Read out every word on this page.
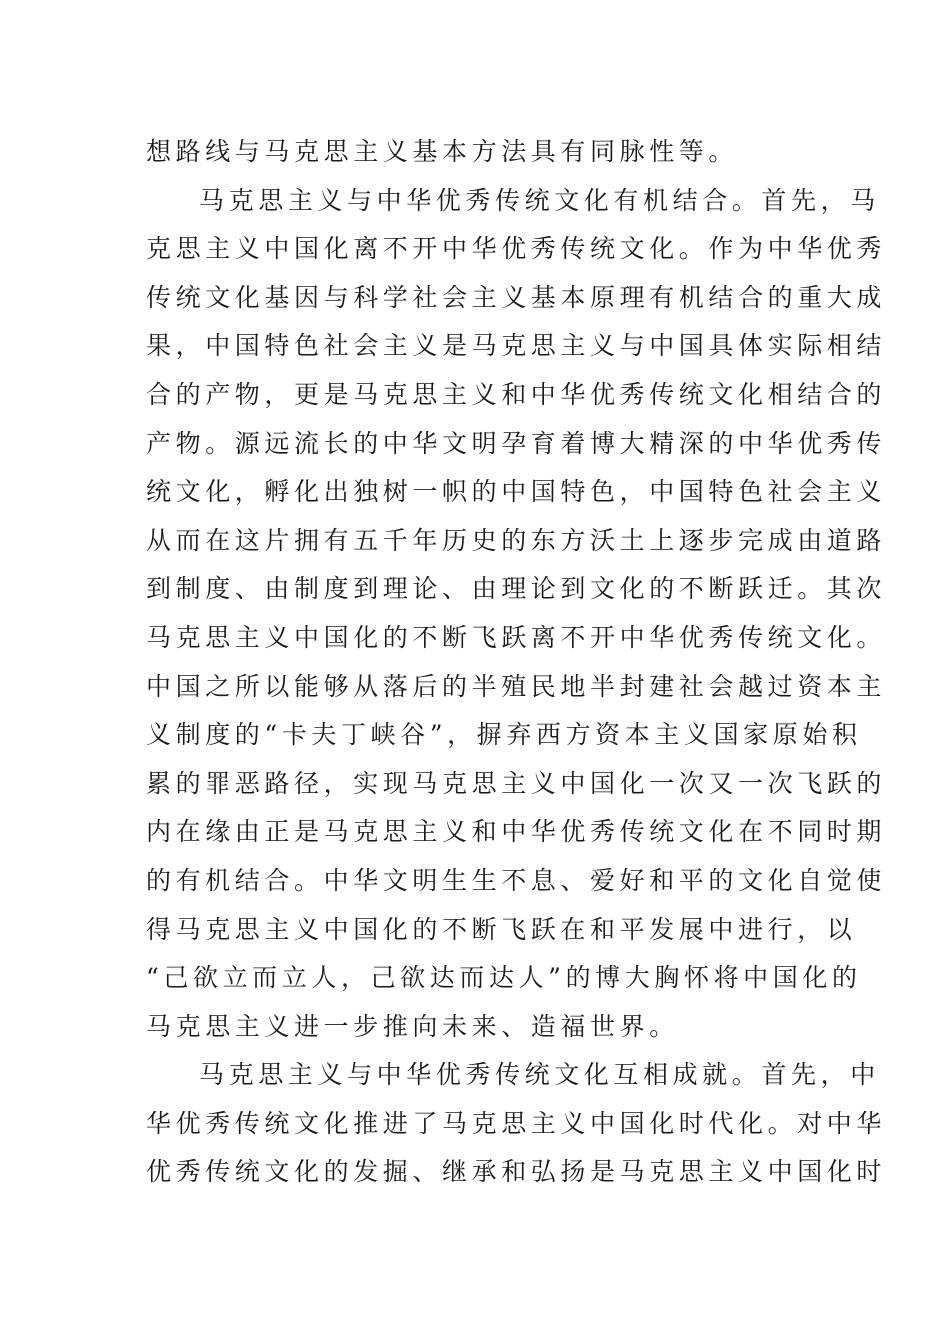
想路线与马克思主义基本方法具有同脉性等。
马克思主义与中华优秀传统文化有机结合。首先，马
克思主义中国化离不开中华优秀传统文化。作为中华优秀
传统文化基因与科学社会主义基本原理有机结合的重大成
果，中国特色社会主义是马克思主义与中国具体实际相结
合的产物，更是马克思主义和中华优秀传统文化相结合的
产物。源远流长的中华文明孕育着博大精深的中华优秀传
统文化，孵化出独树一帜的中国特色，中国特色社会主义
从而在这片拥有五千年历史的东方沃土上逐步完成由道路
到制度、由制度到理论、由理论到文化的不断跃迁。其次
马克思主义中国化的不断飞跃离不开中华优秀传统文化。
中国之所以能够从落后的半殖民地半封建社会越过资本主
义制度的“卡夫丁峡谷”，摒弃西方资本主义国家原始积
累的罪恶路径，实现马克思主义中国化一次又一次飞跃的
内在缘由正是马克思主义和中华优秀传统文化在不同时期
的有机结合。中华文明生生不息、爱好和平的文化自觉使
得马克思主义中国化的不断飞跃在和平发展中进行，以
“己欲立而立人，己欲达而达人”的博大胸怀将中国化的
马克思主义进一步推向未来、造福世界。
马克思主义与中华优秀传统文化互相成就。首先，中
华优秀传统文化推进了马克思主义中国化时代化。对中华
优秀传统文化的发掘、继承和弘扬是马克思主义中国化时
